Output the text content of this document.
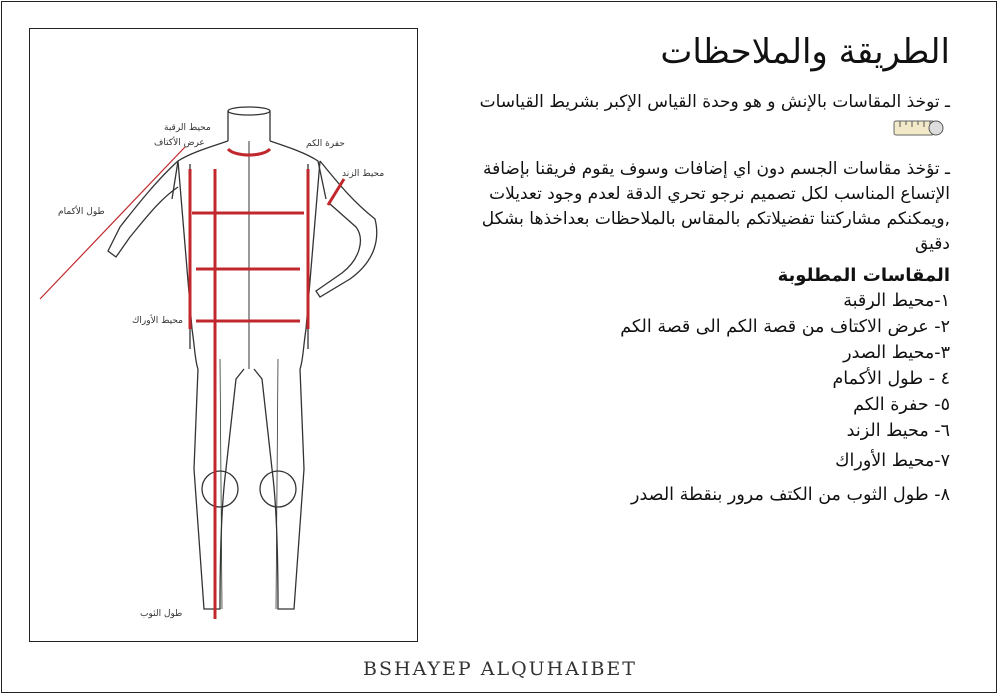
محيط الرقبة
عرض الأكتاف	حفرة الكم
محيط الزند
طول الأكمام
محيط الأوراك
طول الثوب
الطريقة والملاحظات
ـ توخذ المقاسات بالإنش و هو وحدة القياس الإكبر بشريط القياسات
ـ تؤخذ مقاسات الجسم دون اي إضافات وسوف يقوم فريقنا بإضافة الإتساع المناسب لكل تصميم نرجو تحري الدقة لعدم وجود تعديلات ,ويمكنكم مشاركتنا تفضيلاتكم بالمقاس بالملاحظات بعداخذها بشكل دقيق
المقاسات المطلوبة
١-محيط الرقبة
٢- عرض الاكتاف من قصة الكم الى قصة الكم
٣-محيط الصدر
٤ - طول الأكمام
٥- حفرة الكم
٦- محيط الزند
٧-محيط الأوراك
٨- طول الثوب من الكتف مرور بنقطة الصدر
BSHAYEP ALQUHAIBET
